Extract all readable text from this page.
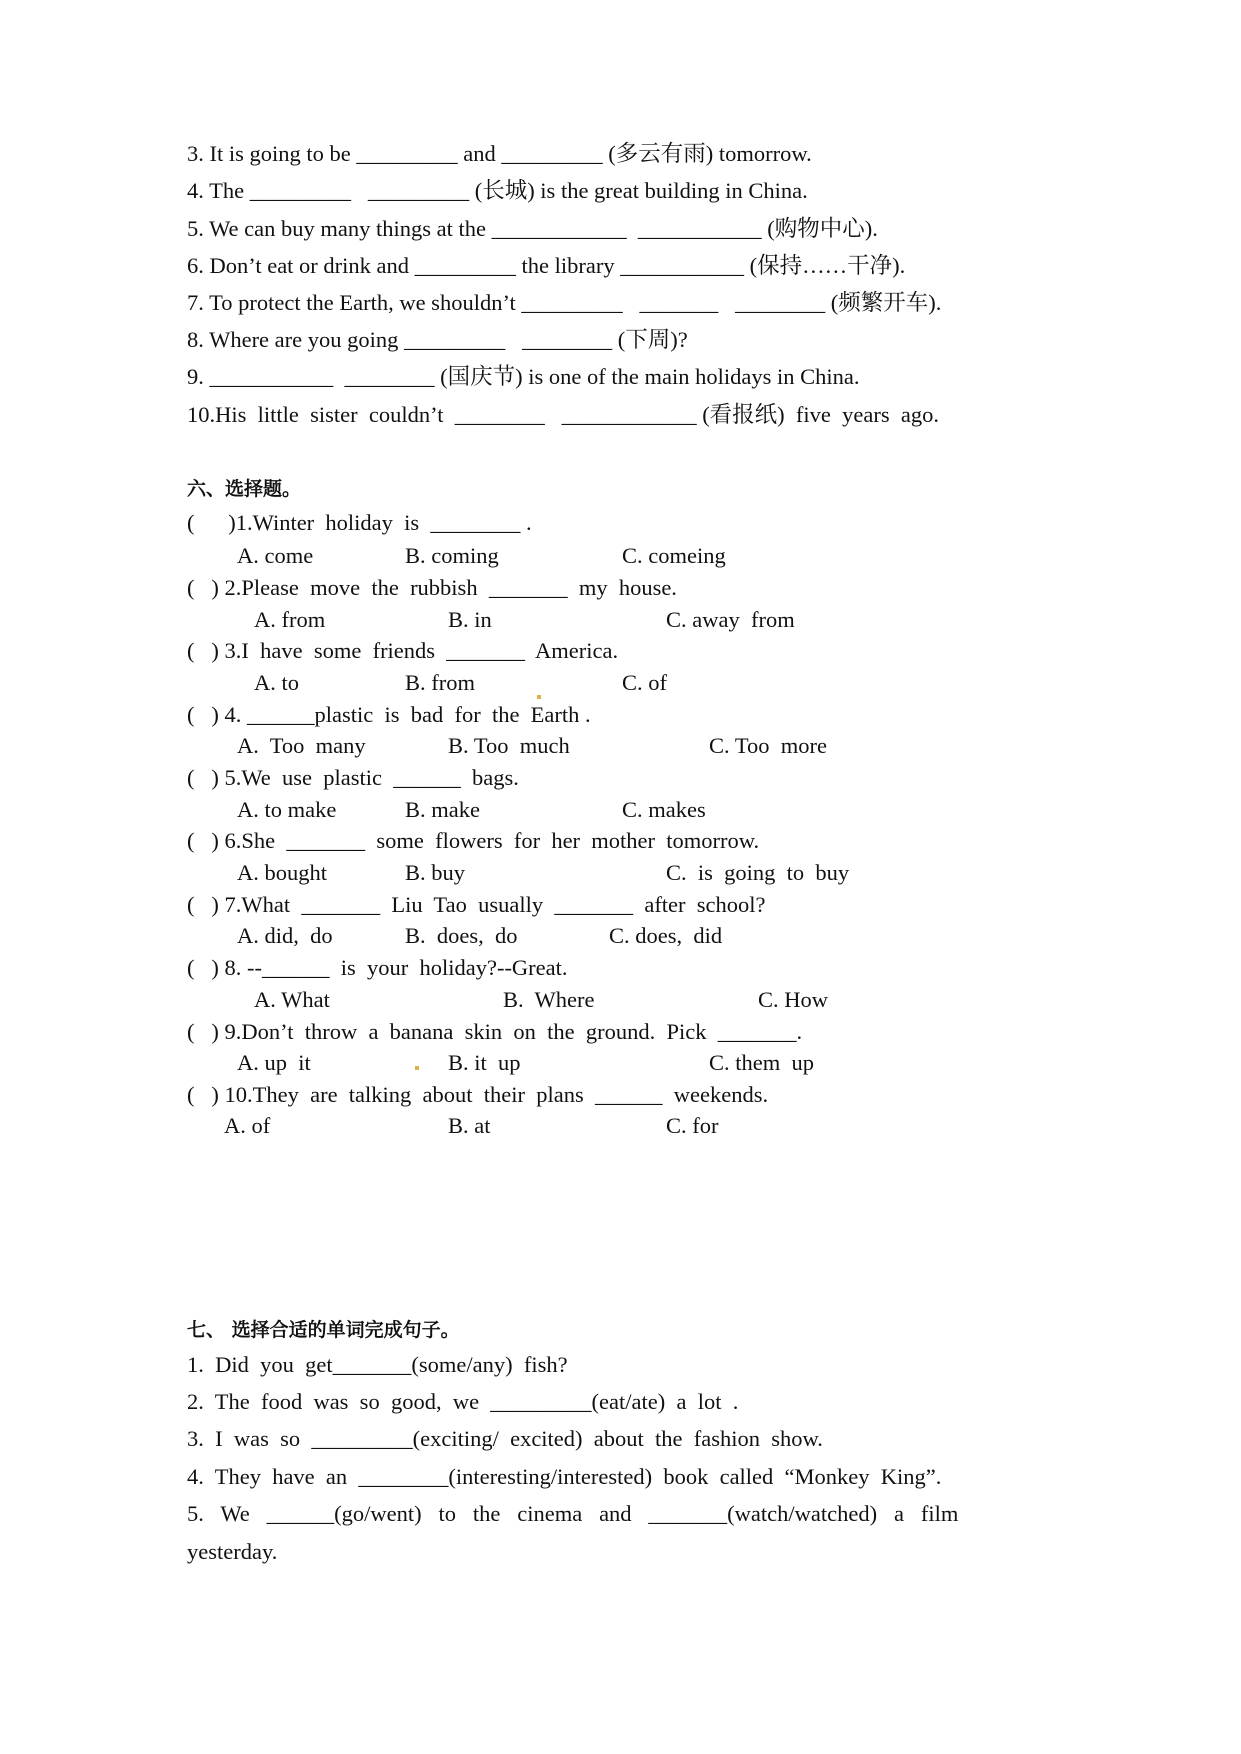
3. It is going to be _________ and _________ (多云有雨) tomorrow.
4. The _________   _________ (长城) is the great building in China.
5. We can buy many things at the ____________  ___________ (购物中心).
6. Don’t eat or drink and _________ the library ___________ (保持……干净).
7. To protect the Earth, we shouldn’t _________   _______   ________ (频繁开车).
8. Where are you going _________   ________ (下周)?
9. ___________  ________ (国庆节) is one of the main holidays in China.
10.His  little  sister  couldn’t  ________   ____________ (看报纸)  five  years  ago.
六、选择题。
(      )1.Winter  holiday  is  ________ .
A. come	B. coming	C. comeing
(   ) 2.Please  move  the  rubbish  _______  my  house.
A. from	B. in	C. away  from
(   ) 3.I  have  some  friends  _______  America.
A. to	B. from	C. of
(   ) 4. ______plastic  is  bad  for  the  Earth .
A.  Too  many	B. Too  much	C. Too  more
(   ) 5.We  use  plastic  ______  bags.
A. to make	B. make	C. makes
(   ) 6.She  _______  some  flowers  for  her  mother  tomorrow.
A. bought	B. buy	C.  is  going  to  buy
(   ) 7.What  _______  Liu  Tao  usually  _______  after  school?
A. did,  do	B.  does,  do	C. does,  did
(   ) 8. --______  is  your  holiday?--Great.
A. What	B.  Where	C. How
(   ) 9.Don’t  throw  a  banana  skin  on  the  ground.  Pick  _______.
A. up  it	B. it  up	C. them  up
(   ) 10.They  are  talking  about  their  plans  ______  weekends.
A. of	B. at	C. for
七、 选择合适的单词完成句子。
1.  Did  you  get_______(some/any)  fish?
2.  The  food  was  so  good,  we  _________(eat/ate)  a  lot  .
3.  I  was  so  _________(exciting/  excited)  about  the  fashion  show.
4.  They  have  an  ________(interesting/interested)  book  called  “Monkey  King”.
5.   We   ______(go/went)   to   the   cinema   and   _______(watch/watched)   a   film
yesterday.
